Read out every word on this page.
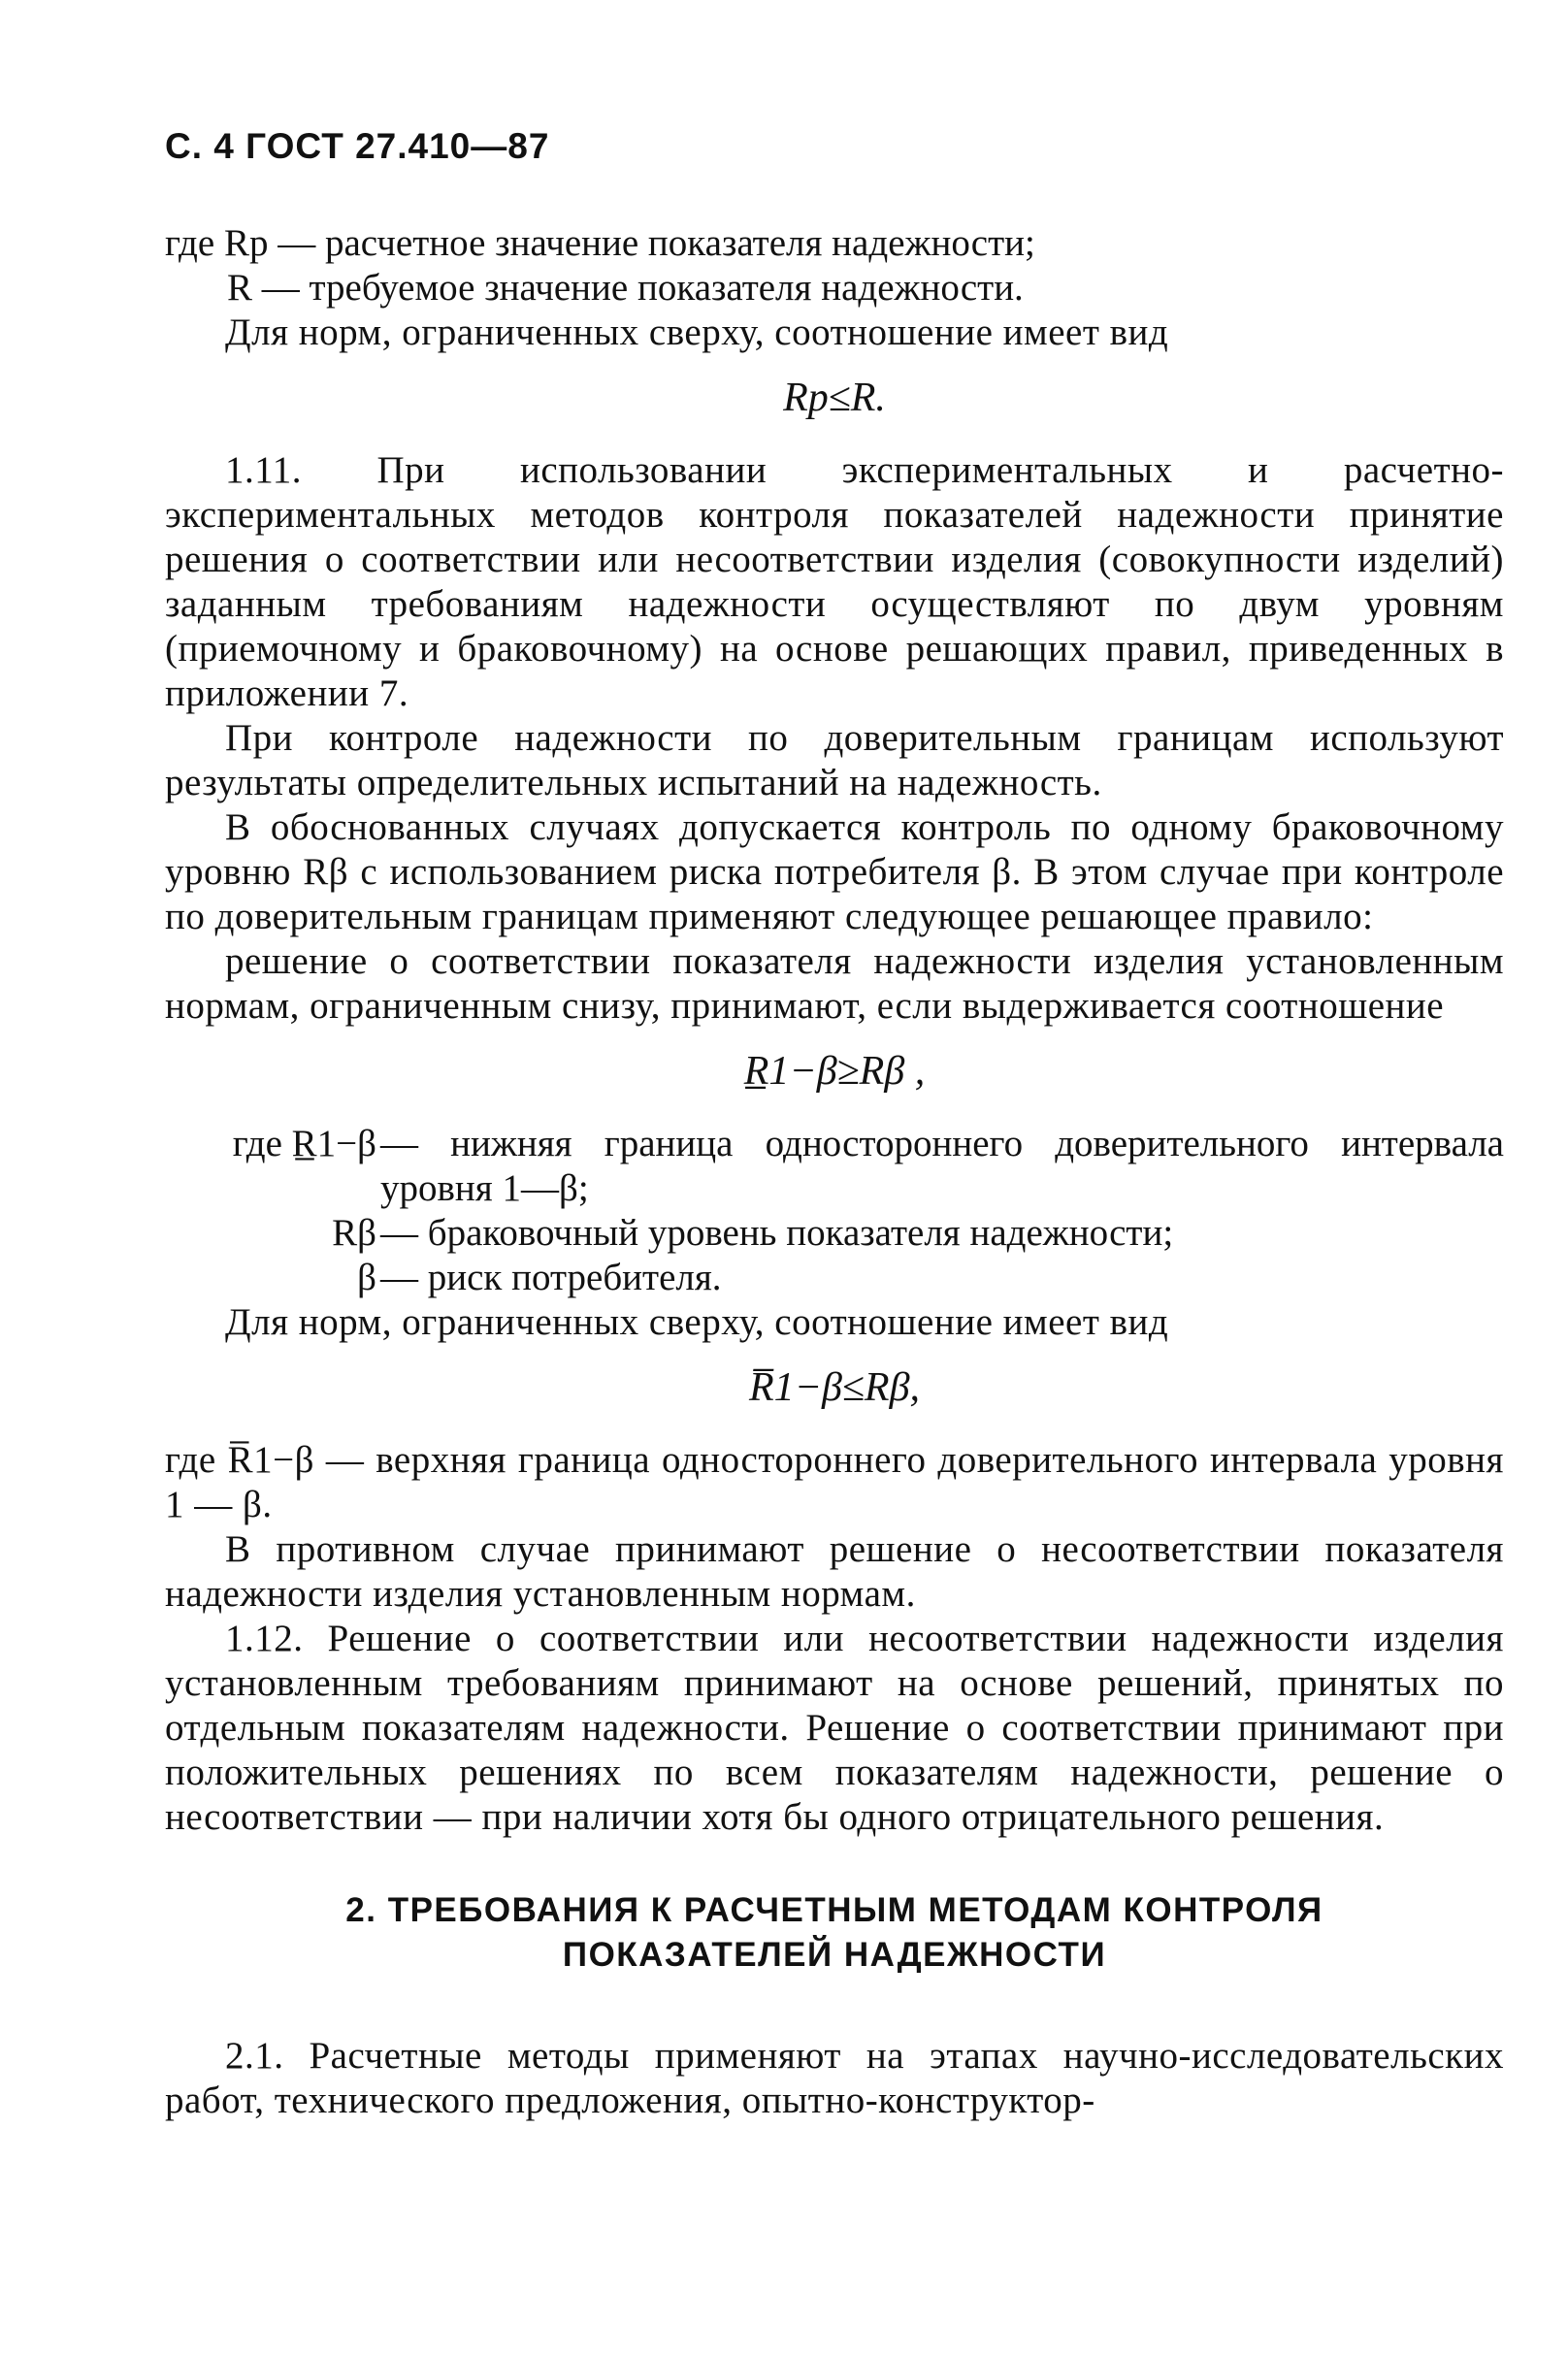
С. 4 ГОСТ 27.410—87
где Rр — расчетное значение показателя надежности;
R — требуемое значение показателя надежности.

Для норм, ограниченных сверху, соотношение имеет вид

Rр≤R.

1.11. При использовании экспериментальных и расчетно-экспериментальных методов контроля показателей надежности принятие решения о соответствии или несоответствии изделия (совокупности изделий) заданным требованиям надежности осуществляют по двум уровням (приемочному и браковочному) на основе решающих правил, приведенных в приложении 7.

При контроле надежности по доверительным границам используют результаты определительных испытаний на надежность.

В обоснованных случаях допускается контроль по одному браковочному уровню Rβ с использованием риска потребителя β. В этом случае при контроле по доверительным границам применяют следующее решающее правило:

решение о соответствии показателя надежности изделия установленным нормам, ограниченным снизу, принимают, если выдерживается соотношение

R̲1−β≥Rβ ,
где R̲1−β — нижняя граница одностороннего доверительного интервала уровня 1—β;
Rβ — браковочный уровень показателя надежности;
β — риск потребителя.

Для норм, ограниченных сверху, соотношение имеет вид

R̅1−β≤Rβ,

где R̅1−β — верхняя граница одностороннего доверительного интервала уровня 1 — β.

В противном случае принимают решение о несоответствии показателя надежности изделия установленным нормам.

1.12. Решение о соответствии или несоответствии надежности изделия установленным требованиям принимают на основе решений, принятых по отдельным показателям надежности. Решение о соответствии принимают при положительных решениях по всем показателям надежности, решение о несоответствии — при наличии хотя бы одного отрицательного решения.

2. ТРЕБОВАНИЯ К РАСЧЕТНЫМ МЕТОДАМ КОНТРОЛЯ
ПОКАЗАТЕЛЕЙ НАДЕЖНОСТИ

2.1. Расчетные методы применяют на этапах научно-исследовательских работ, технического предложения, опытно-конструктор-
